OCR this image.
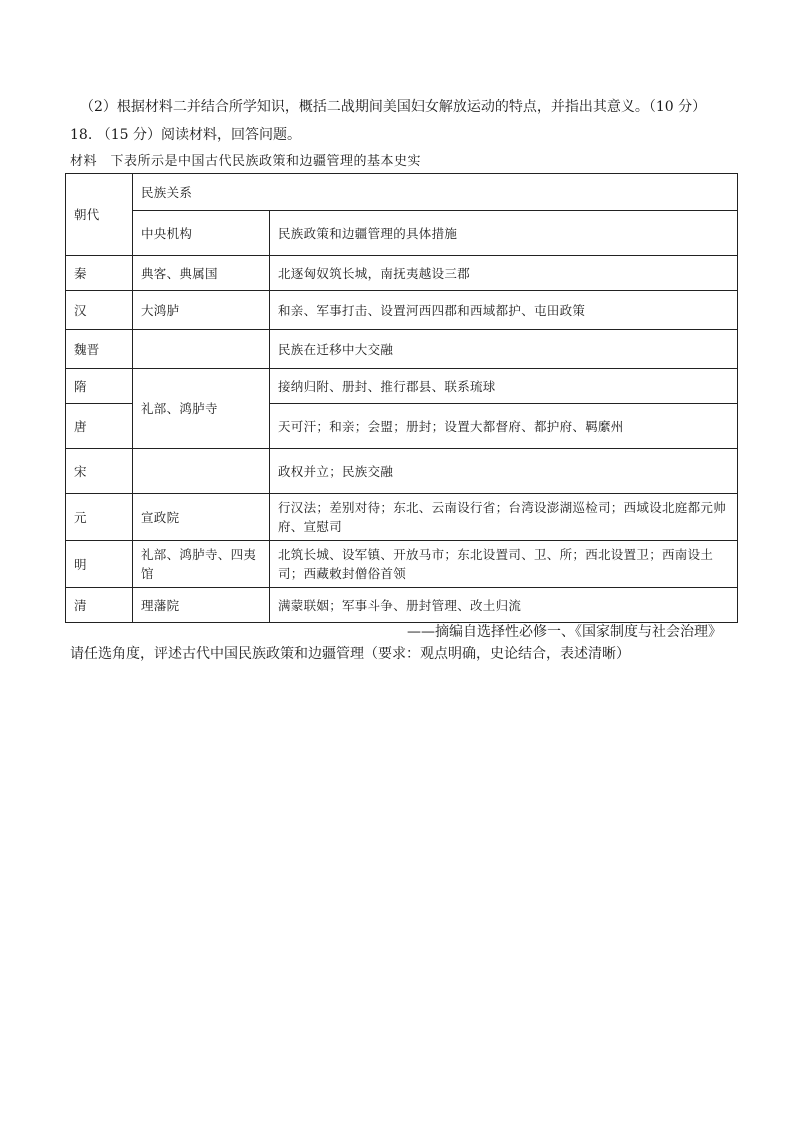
（2）根据材料二并结合所学知识，概括二战期间美国妇女解放运动的特点，并指出其意义。（10 分）
18. （15 分）阅读材料，回答问题。
材料　下表所示是中国古代民族政策和边疆管理的基本史实
朝代	民族关系	
	中央机构	民族政策和边疆管理的具体措施
秦	典客、典属国	北逐匈奴筑长城，南抚夷越设三郡
汉	大鸿胪	和亲、军事打击、设置河西四郡和西域都护、屯田政策
魏晋		民族在迁移中大交融
隋	礼部、鸿胪寺	接纳归附、册封、推行郡县、联系琉球
唐		天可汗；和亲；会盟；册封；设置大都督府、都护府、羁縻州
宋		政权并立；民族交融
元	宣政院	行汉法；差别对待；东北、云南设行省；台湾设澎湖巡检司；西域设北庭都元帅府、宣慰司
明	礼部、鸿胪寺、四夷馆	北筑长城、设军镇、开放马市；东北设置司、卫、所；西北设置卫；西南设土司；西藏敕封僧俗首领
清	理藩院	满蒙联姻；军事斗争、册封管理、改土归流
——摘编自选择性必修一、《国家制度与社会治理》
请任选角度，评述古代中国民族政策和边疆管理（要求：观点明确，史论结合，表述清晰）
